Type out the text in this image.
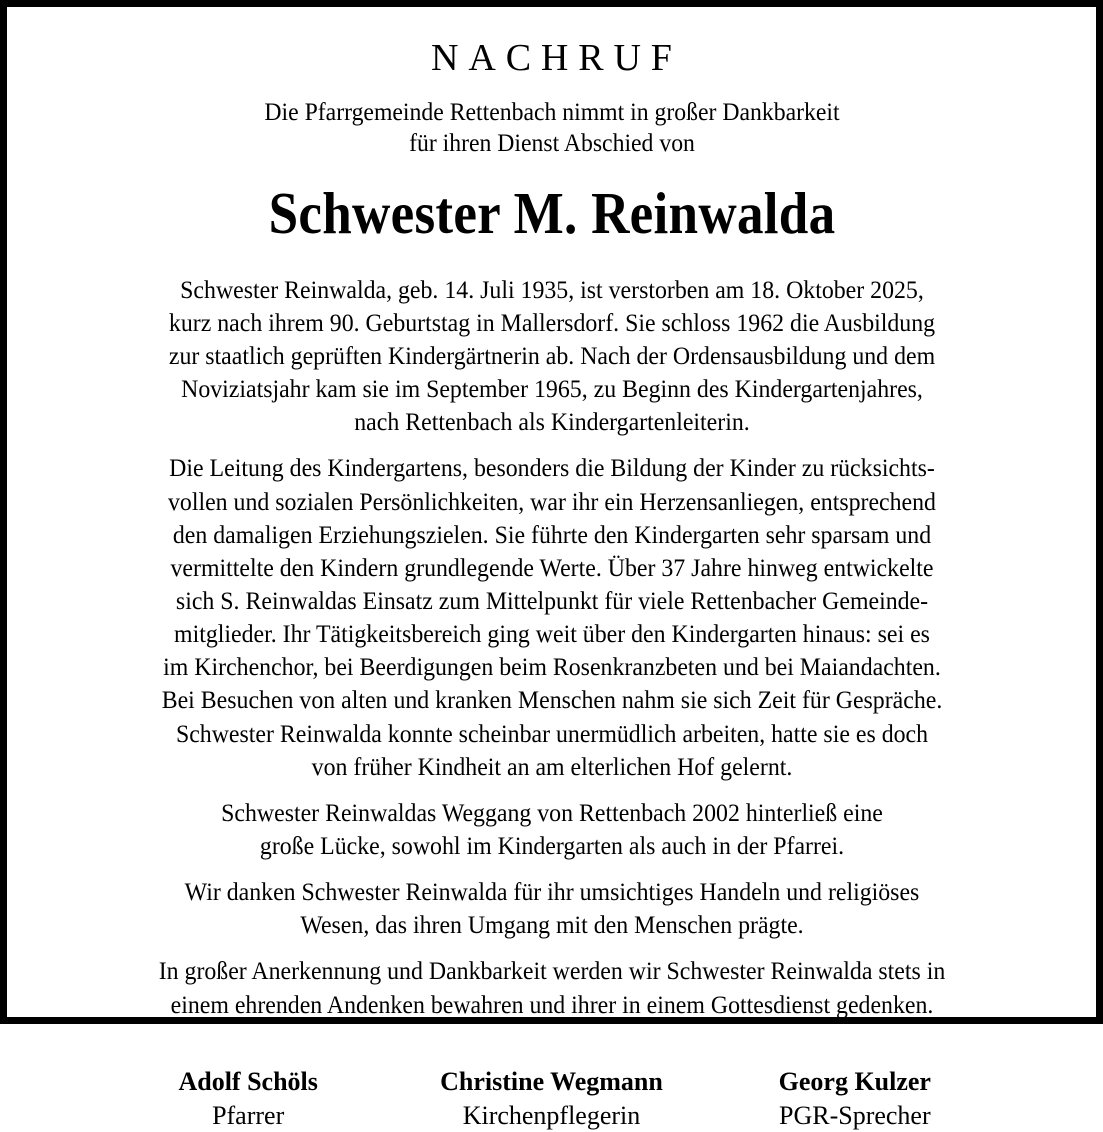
NACHRUF
Die Pfarrgemeinde Rettenbach nimmt in großer Dankbarkeit
für ihren Dienst Abschied von
Schwester M. Reinwalda

Schwester Reinwalda, geb. 14. Juli 1935, ist verstorben am 18. Oktober 2025,
kurz nach ihrem 90. Geburtstag in Mallersdorf. Sie schloss 1962 die Ausbildung
zur staatlich geprüften Kindergärtnerin ab. Nach der Ordensausbildung und dem
Noviziatsjahr kam sie im September 1965, zu Beginn des Kindergartenjahres,
nach Rettenbach als Kindergartenleiterin.

Die Leitung des Kindergartens, besonders die Bildung der Kinder zu rücksichts-
vollen und sozialen Persönlichkeiten, war ihr ein Herzensanliegen, entsprechend
den damaligen Erziehungszielen. Sie führte den Kindergarten sehr sparsam und
vermittelte den Kindern grundlegende Werte. Über 37 Jahre hinweg entwickelte
sich S. Reinwaldas Einsatz zum Mittelpunkt für viele Rettenbacher Gemeinde-
mitglieder. Ihr Tätigkeitsbereich ging weit über den Kindergarten hinaus: sei es
im Kirchenchor, bei Beerdigungen beim Rosenkranzbeten und bei Maiandachten.
Bei Besuchen von alten und kranken Menschen nahm sie sich Zeit für Gespräche.
Schwester Reinwalda konnte scheinbar unermüdlich arbeiten, hatte sie es doch
von früher Kindheit an am elterlichen Hof gelernt.

Schwester Reinwaldas Weggang von Rettenbach 2002 hinterließ eine
große Lücke, sowohl im Kindergarten als auch in der Pfarrei.

Wir danken Schwester Reinwalda für ihr umsichtiges Handeln und religiöses
Wesen, das ihren Umgang mit den Menschen prägte.

In großer Anerkennung und Dankbarkeit werden wir Schwester Reinwalda stets in
einem ehrenden Andenken bewahren und ihrer in einem Gottesdienst gedenken.

Adolf Schöls
Pfarrer
Christine Wegmann
Kirchenpflegerin
Georg Kulzer
PGR-Sprecher
